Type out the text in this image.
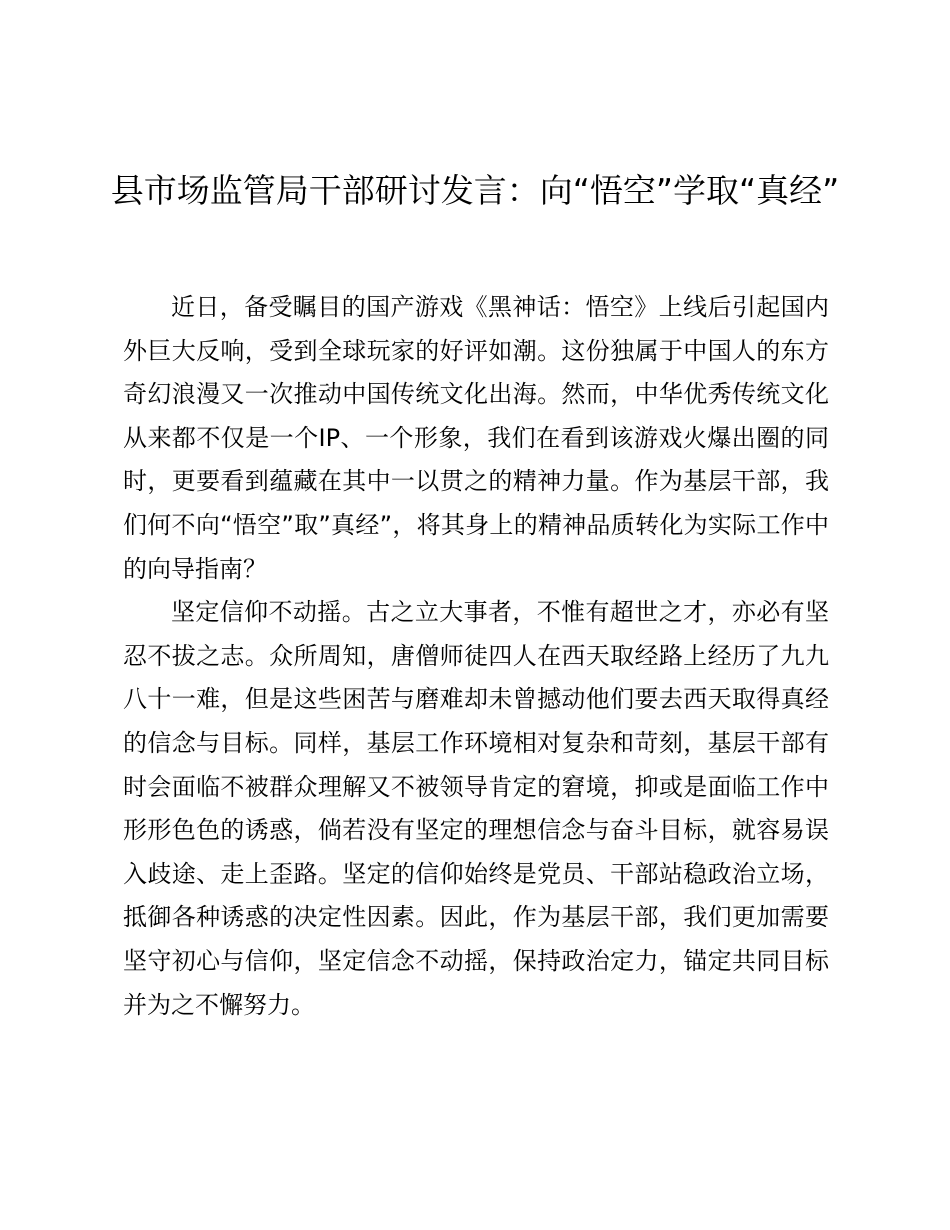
县市场监管局干部研讨发言：向“悟空”学取“真经”

近日，备受瞩目的国产游戏《黑神话：悟空》上线后引起国内外巨大反响，受到全球玩家的好评如潮。这份独属于中国人的东方奇幻浪漫又一次推动中国传统文化出海。然而，中华优秀传统文化从来都不仅是一个IP、一个形象，我们在看到该游戏火爆出圈的同时，更要看到蕴藏在其中一以贯之的精神力量。作为基层干部，我们何不向“悟空”取”真经”，将其身上的精神品质转化为实际工作中的向导指南？

坚定信仰不动摇。古之立大事者，不惟有超世之才，亦必有坚忍不拔之志。众所周知，唐僧师徒四人在西天取经路上经历了九九八十一难，但是这些困苦与磨难却未曾撼动他们要去西天取得真经的信念与目标。同样，基层工作环境相对复杂和苛刻，基层干部有时会面临不被群众理解又不被领导肯定的窘境，抑或是面临工作中形形色色的诱惑，倘若没有坚定的理想信念与奋斗目标，就容易误入歧途、走上歪路。坚定的信仰始终是党员、干部站稳政治立场，抵御各种诱惑的决定性因素。因此，作为基层干部，我们更加需要坚守初心与信仰，坚定信念不动摇，保持政治定力，锚定共同目标并为之不懈努力。
